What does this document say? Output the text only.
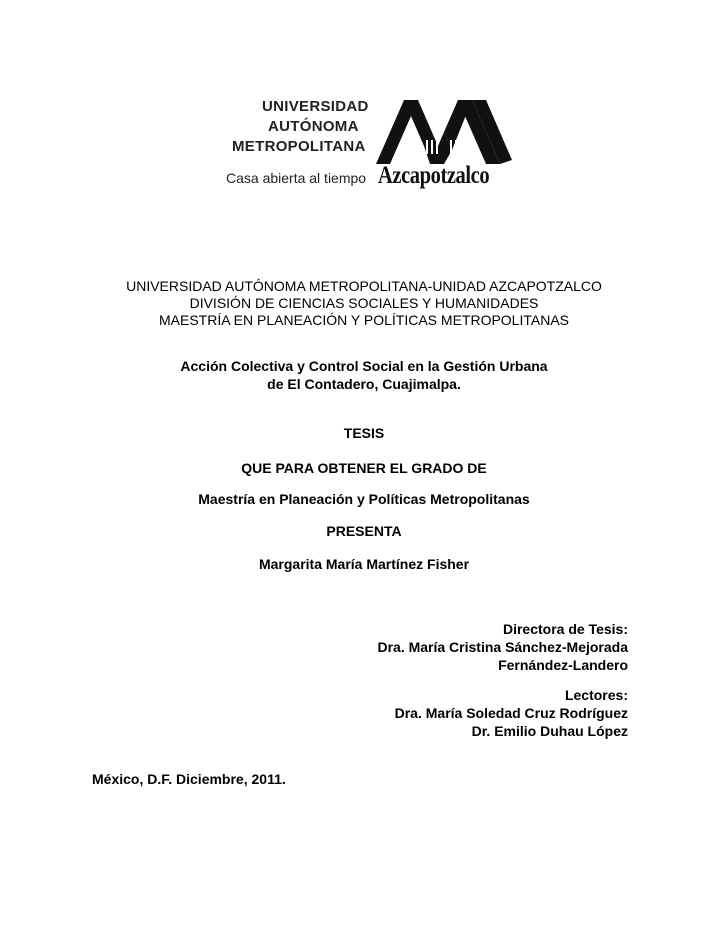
UNIVERSIDAD
AUTÓNOMA
METROPOLITANA
Casa abierta al tiempo Azcapotzalco
UNIVERSIDAD AUTÓNOMA METROPOLITANA-UNIDAD AZCAPOTZALCO
DIVISIÓN DE CIENCIAS SOCIALES Y HUMANIDADES
MAESTRÍA EN PLANEACIÓN Y POLÍTICAS METROPOLITANAS
Acción Colectiva y Control Social en la Gestión Urbana
de El Contadero, Cuajimalpa.
TESIS
QUE PARA OBTENER EL GRADO DE
Maestría en Planeación y Políticas Metropolitanas
PRESENTA
Margarita María Martínez Fisher
Directora de Tesis:
Dra. María Cristina Sánchez-Mejorada
Fernández-Landero
Lectores:
Dra. María Soledad Cruz Rodríguez
Dr. Emilio Duhau López
México, D.F. Diciembre, 2011.
